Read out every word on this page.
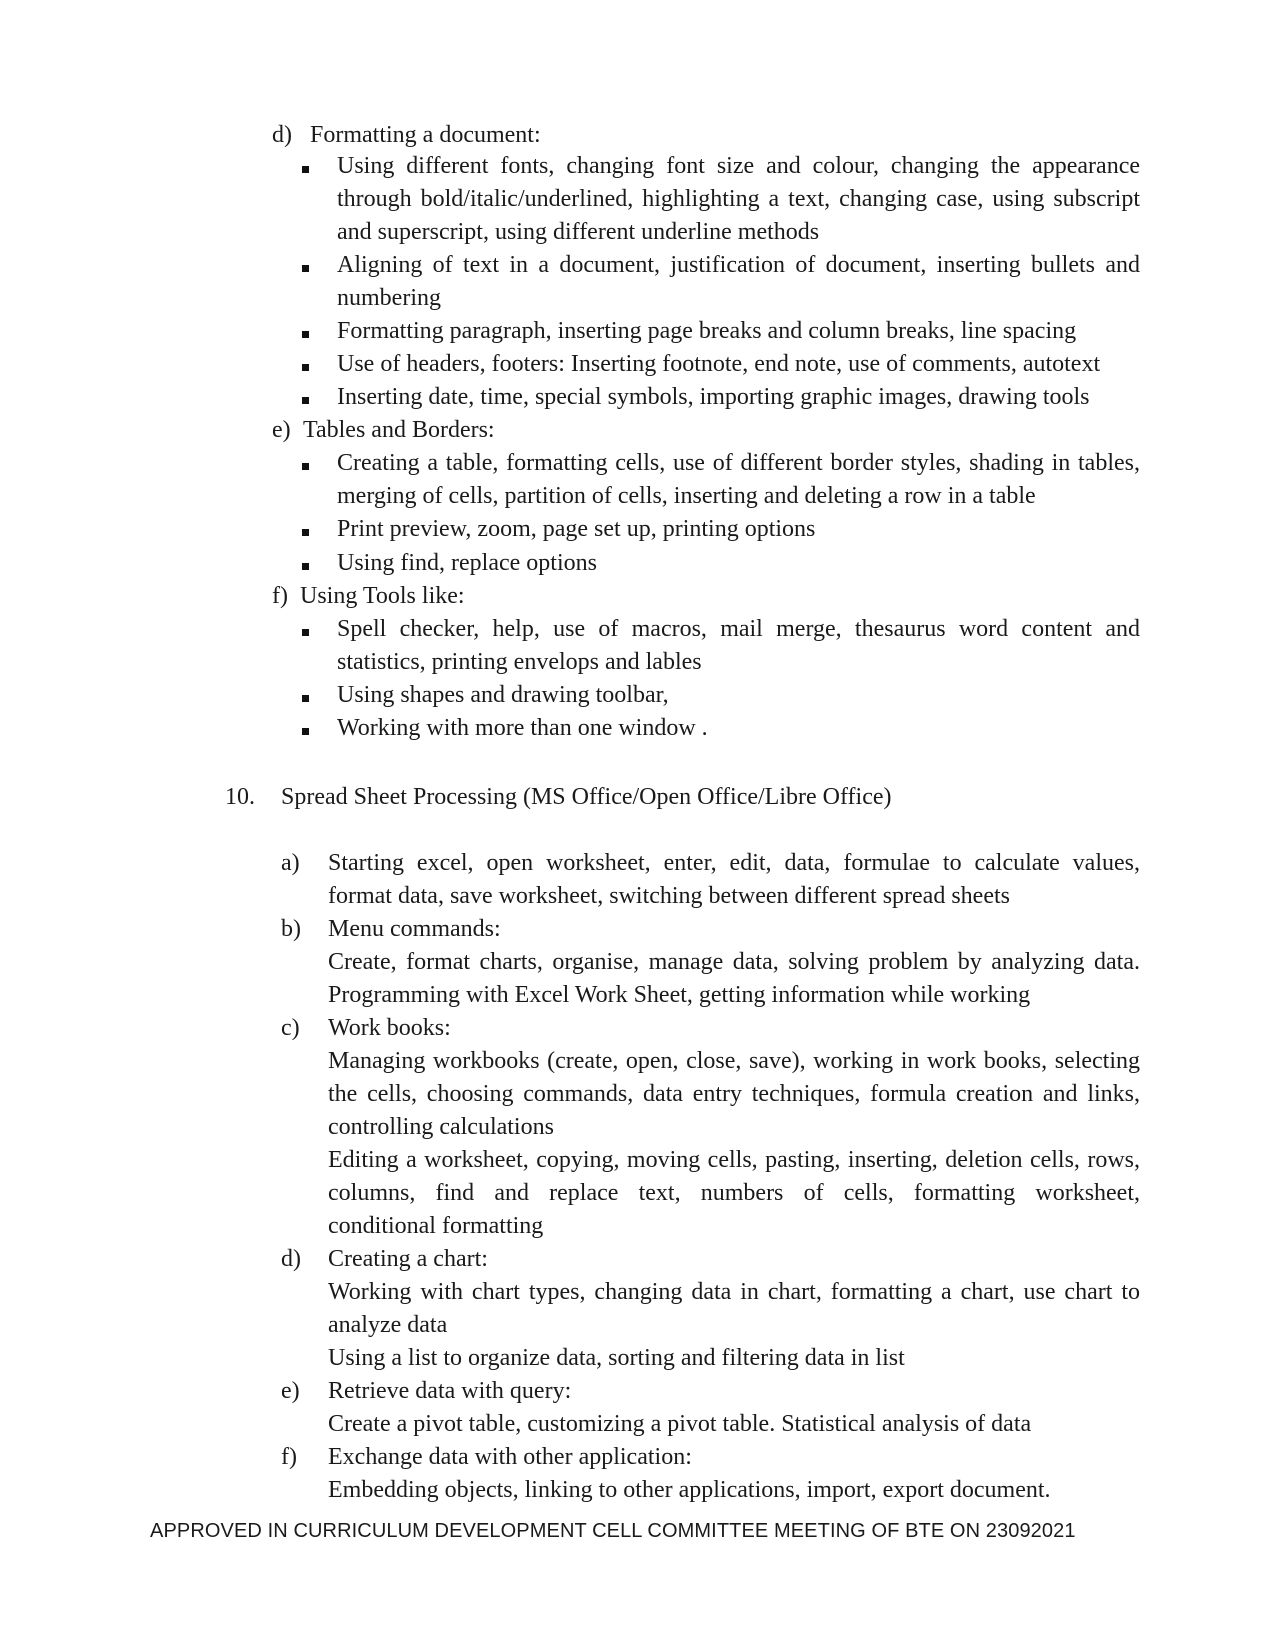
d) Formatting a document:
Using different fonts, changing font size and colour, changing the appearance
through bold/italic/underlined, highlighting a text, changing case, using subscript
and superscript, using different underline methods
Aligning of text in a document, justification of document, inserting bullets and
numbering
Formatting paragraph, inserting page breaks and column breaks, line spacing
Use of headers, footers: Inserting footnote, end note, use of comments, autotext
Inserting date, time, special symbols, importing graphic images, drawing tools
e) Tables and Borders:
Creating a table, formatting cells, use of different border styles, shading in tables,
merging of cells, partition of cells, inserting and deleting a row in a table
Print preview, zoom, page set up, printing options
Using find, replace options
f) Using Tools like:
Spell checker, help, use of macros, mail merge, thesaurus word content and
statistics, printing envelops and lables
Using shapes and drawing toolbar,
Working with more than one window .
10. Spread Sheet Processing (MS Office/Open Office/Libre Office)
a) Starting excel, open worksheet, enter, edit, data, formulae to calculate values,
format data, save worksheet, switching between different spread sheets
b) Menu commands:
Create, format charts, organise, manage data, solving problem by analyzing data.
Programming with Excel Work Sheet, getting information while working
c) Work books:
Managing workbooks (create, open, close, save), working in work books, selecting
the cells, choosing commands, data entry techniques, formula creation and links,
controlling calculations
Editing a worksheet, copying, moving cells, pasting, inserting, deletion cells, rows,
columns, find and replace text, numbers of cells, formatting worksheet,
conditional formatting
d) Creating a chart:
Working with chart types, changing data in chart, formatting a chart, use chart to
analyze data
Using a list to organize data, sorting and filtering data in list
e) Retrieve data with query:
Create a pivot table, customizing a pivot table. Statistical analysis of data
f) Exchange data with other application:
Embedding objects, linking to other applications, import, export document.
APPROVED IN CURRICULUM DEVELOPMENT CELL COMMITTEE MEETING OF BTE ON 23092021
